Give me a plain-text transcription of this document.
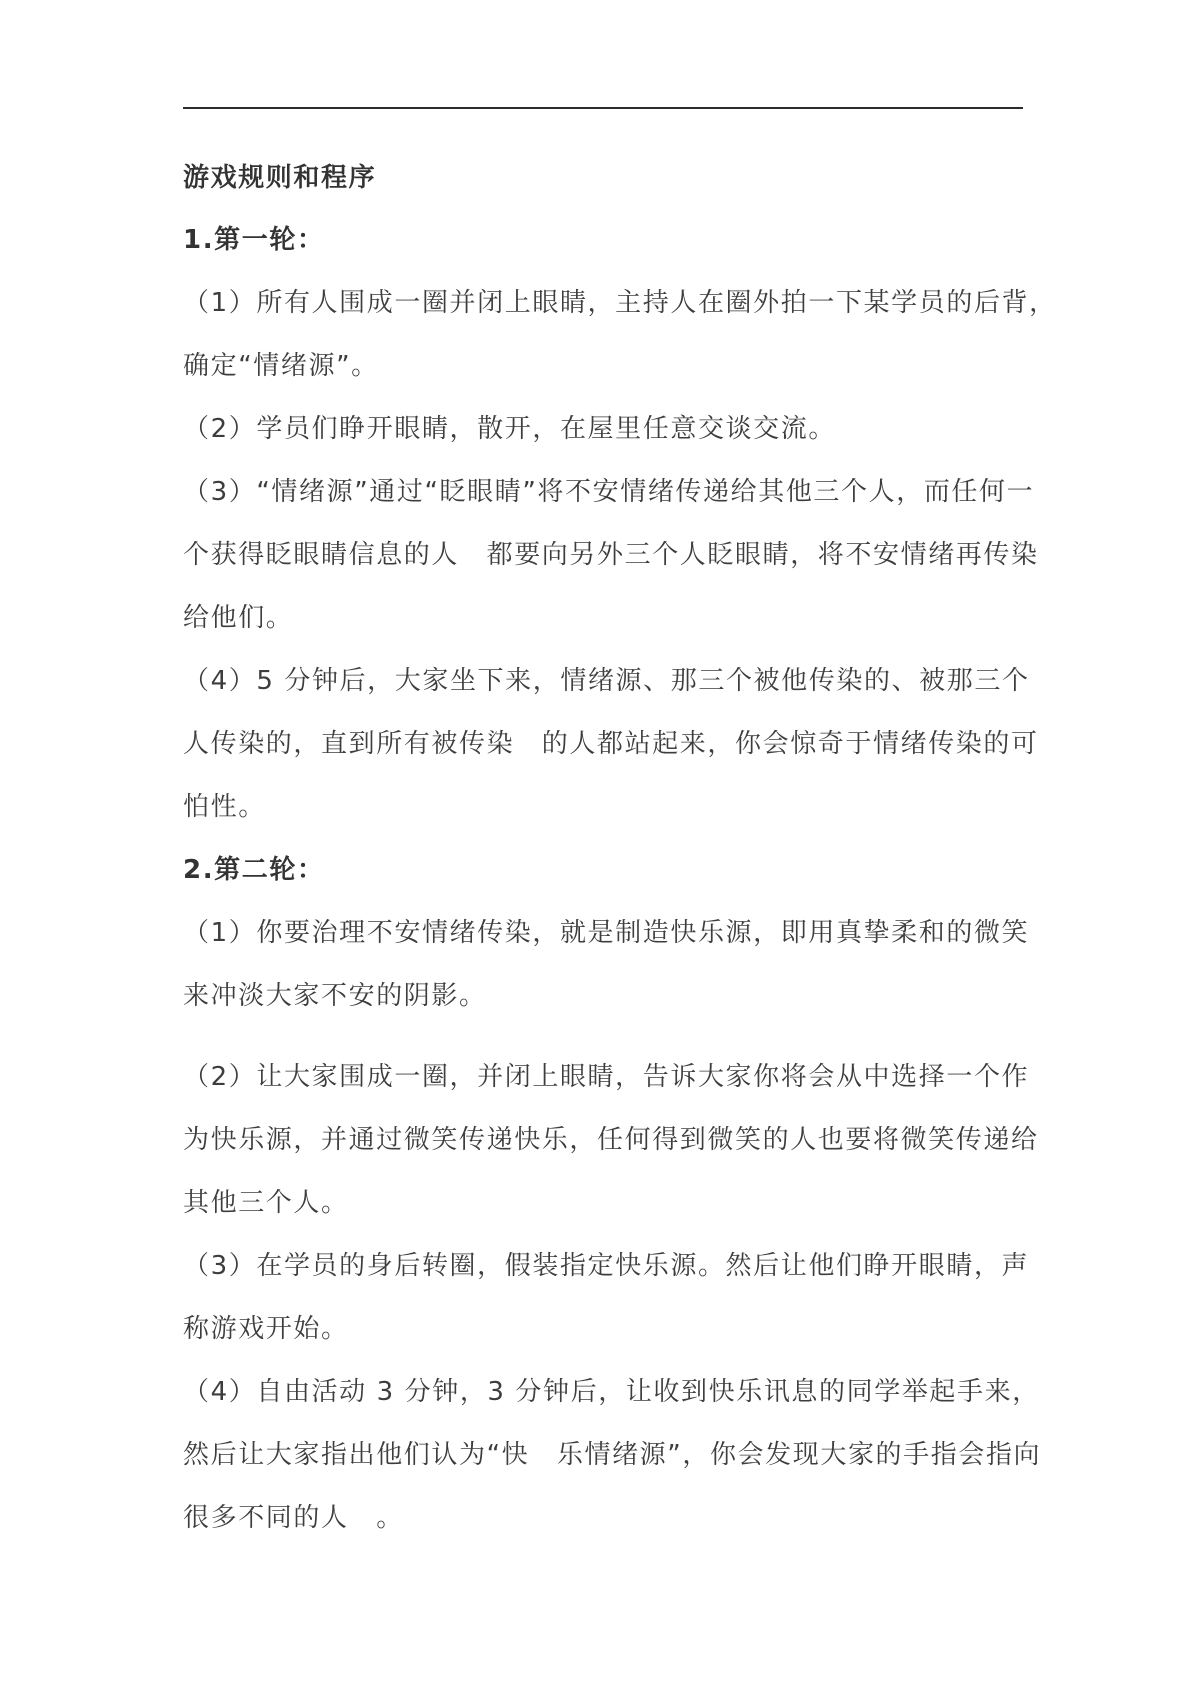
游戏规则和程序
1.第一轮：
（1）所有人围成一圈并闭上眼睛，主持人在圈外拍一下某学员的后背，
确定“情绪源”。
（2）学员们睁开眼睛，散开，在屋里任意交谈交流。
（3）“情绪源”通过“眨眼睛”将不安情绪传递给其他三个人，而任何一
个获得眨眼睛信息的人　都要向另外三个人眨眼睛，将不安情绪再传染
给他们。
（4）5 分钟后，大家坐下来，情绪源、那三个被他传染的、被那三个
人传染的，直到所有被传染　的人都站起来，你会惊奇于情绪传染的可
怕性。
2.第二轮：
（1）你要治理不安情绪传染，就是制造快乐源，即用真挚柔和的微笑
来冲淡大家不安的阴影。
（2）让大家围成一圈，并闭上眼睛，告诉大家你将会从中选择一个作
为快乐源，并通过微笑传递快乐，任何得到微笑的人也要将微笑传递给
其他三个人。
（3）在学员的身后转圈，假装指定快乐源。然后让他们睁开眼睛，声
称游戏开始。
（4）自由活动 3 分钟，3 分钟后，让收到快乐讯息的同学举起手来，
然后让大家指出他们认为“快　乐情绪源”，你会发现大家的手指会指向
很多不同的人　。
